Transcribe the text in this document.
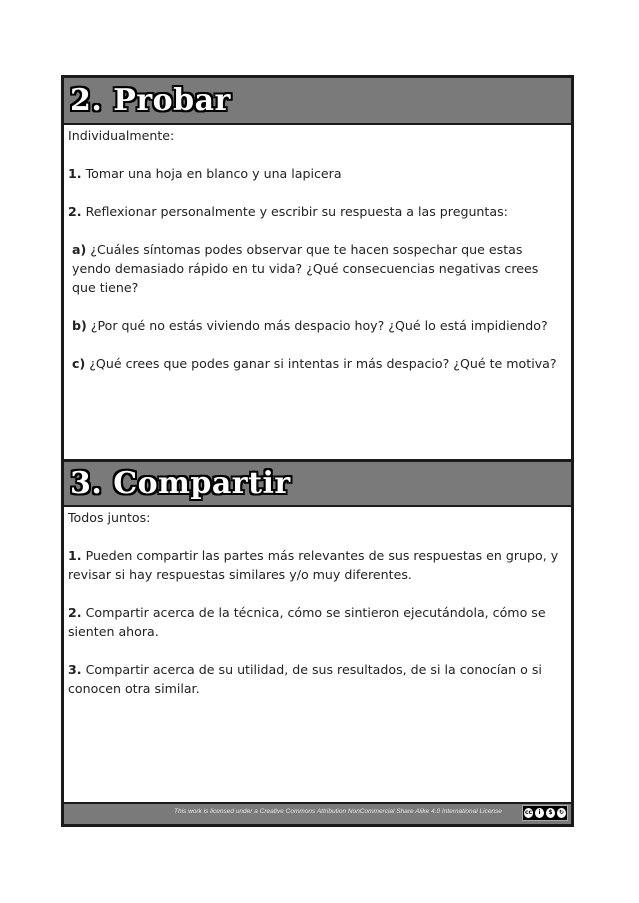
2. Probar

Individualmente:

1. Tomar una hoja en blanco y una lapicera

2. Reflexionar personalmente y escribir su respuesta a las preguntas:

a) ¿Cuáles síntomas podes observar que te hacen sospechar que estas yendo demasiado rápido en tu vida? ¿Qué consecuencias negativas crees que tiene?

b) ¿Por qué no estás viviendo más despacio hoy? ¿Qué lo está impidiendo?

c) ¿Qué crees que podes ganar si intentas ir más despacio? ¿Qué te motiva?

3. Compartir

Todos juntos:

1. Pueden compartir las partes más relevantes de sus respuestas en grupo, y revisar si hay respuestas similares y/o muy diferentes.

2. Compartir acerca de la técnica, cómo se sintieron ejecutándola, cómo se sienten ahora.

3. Compartir acerca de su utilidad, de sus resultados, de si la conocían o si conocen otra similar.

This work is licensed under a Creative Commons Attribution NonCommercial Share Alike 4.0 International License	cc	i	$	↻
